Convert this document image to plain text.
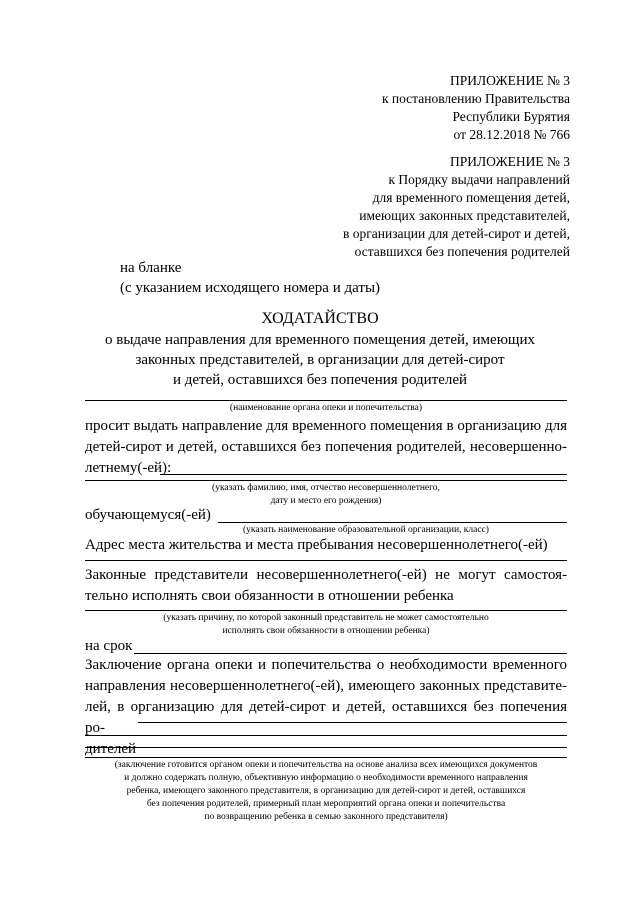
ПРИЛОЖЕНИЕ № 3
к постановлению Правительства
Республики Бурятия
от 28.12.2018 № 766
ПРИЛОЖЕНИЕ № 3
к Порядку выдачи направлений
для временного помещения детей,
имеющих законных представителей,
в организации для детей-сирот и детей,
оставшихся без попечения родителей
на бланке
(с указанием исходящего номера и даты)
ХОДАТАЙСТВО
о выдаче направления для временного помещения детей, имеющих
законных представителей, в организации для детей-сирот
и детей, оставшихся без попечения родителей
(наименование органа опеки и попечительства)
просит выдать направление для временного помещения в организацию для
детей-сирот и детей, оставшихся без попечения родителей, несовершенно-
летнему(-ей):
(указать фамилию, имя, отчество несовершеннолетнего,
дату и место его рождения)
обучающемуся(-ей)
(указать наименование образовательной организации, класс)
Адрес места жительства и места пребывания несовершеннолетнего(-ей)
Законные представители несовершеннолетнего(-ей) не могут самостоя-
тельно исполнять свои обязанности в отношении ребенка
(указать причину, по которой законный представитель не может самостоятельно
исполнять свои обязанности в отношении ребенка)
на срок
Заключение органа опеки и попечительства о необходимости временного
направления несовершеннолетнего(-ей), имеющего законных представите-
лей, в организацию для детей-сирот и детей, оставшихся без попечения ро-
дителей
(заключение готовится органом опеки и попечительства на основе анализа всех имеющихся документов
и должно содержать полную, объективную информацию о необходимости временного направления
ребенка, имеющего законного представителя, в организацию для детей-сирот и детей, оставшихся
без попечения родителей, примерный план мероприятий органа опеки и попечительства
по возвращению ребенка в семью законного представителя)
